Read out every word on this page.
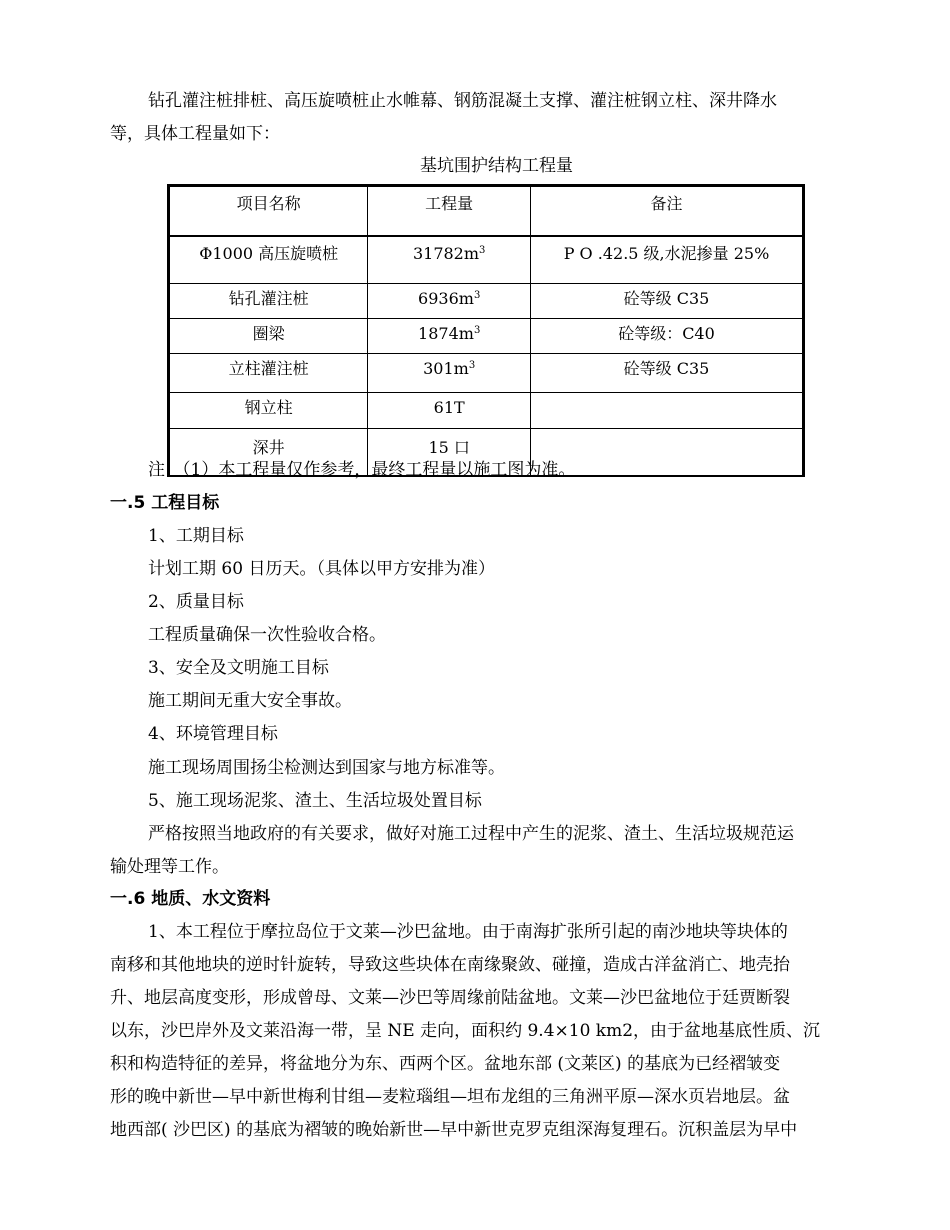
钻孔灌注桩排桩、高压旋喷桩止水帷幕、钢筋混凝土支撑、灌注桩钢立柱、深井降水
等，具体工程量如下：
基坑围护结构工程量
项目名称	工程量	备注
Φ1000 高压旋喷桩	$31782m^3$	P O .42.5 级,水泥掺量 25%
钻孔灌注桩	$6936m^3$	砼等级 C35
圈梁	$1874m^3$	砼等级：C40
立柱灌注桩	$301m^3$	砼等级 C35
钢立柱	61T	
深井	15 口	
注：（1）本工程量仅作参考，最终工程量以施工图为准。
一.5 工程目标
1、工期目标
计划工期 60 日历天。（具体以甲方安排为准）
2、质量目标
工程质量确保一次性验收合格。
3、安全及文明施工目标
施工期间无重大安全事故。
4、环境管理目标
施工现场周围扬尘检测达到国家与地方标准等。
5、施工现场泥浆、渣土、生活垃圾处置目标
严格按照当地政府的有关要求，做好对施工过程中产生的泥浆、渣土、生活垃圾规范运
输处理等工作。
一.6 地质、水文资料
1、本工程位于摩拉岛位于文莱—沙巴盆地。由于南海扩张所引起的南沙地块等块体的
南移和其他地块的逆时针旋转，导致这些块体在南缘聚敛、碰撞，造成古洋盆消亡、地壳抬
升、地层高度变形，形成曾母、文莱—沙巴等周缘前陆盆地。文莱—沙巴盆地位于廷贾断裂
以东，沙巴岸外及文莱沿海一带，呈 NE 走向，面积约 9.4×10 km2，由于盆地基底性质、沉
积和构造特征的差异，将盆地分为东、西两个区。盆地东部 (文莱区) 的基底为已经褶皱变
形的晚中新世—早中新世梅利甘组—麦粒瑙组—坦布龙组的三角洲平原—深水页岩地层。盆
地西部( 沙巴区) 的基底为褶皱的晚始新世—早中新世克罗克组深海复理石。沉积盖层为早中
